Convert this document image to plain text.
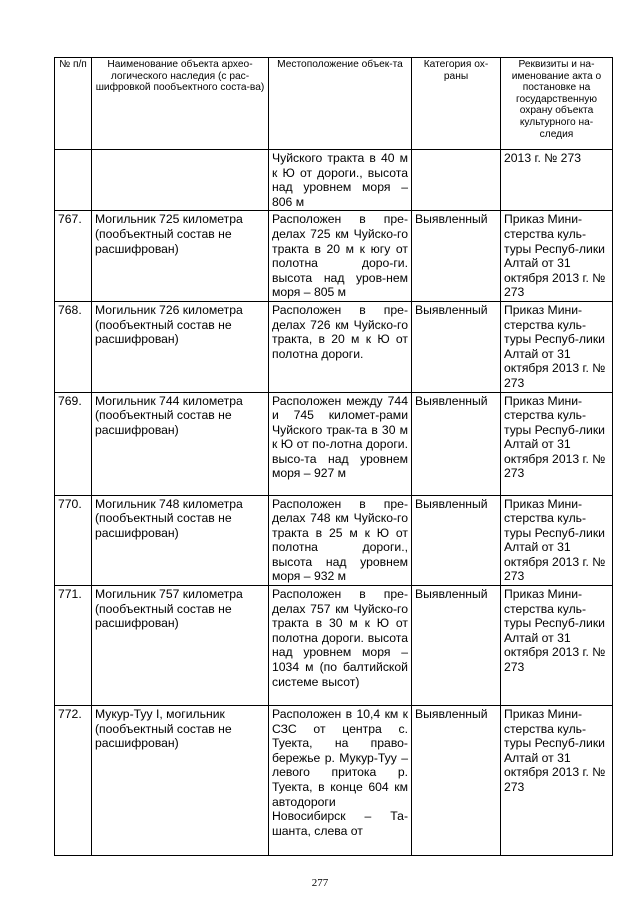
№ п/п	Наименование объекта архео-логического наследия (с рас-шифровкой пообъектного соста-ва)	Местоположение объек-та	Категория ох-раны	Реквизиты и на-именование акта о постановке на государственную охрану объекта культурного на-следия
		Чуйского тракта в 40 м к Ю от дороги., высота над уровнем моря – 806 м		2013 г. № 273
767.	Могильник 725 километра (пообъектный состав не расшифрован)	Расположен в пре-делах 725 км Чуйско-го тракта в 20 м к югу от полотна доро-ги. высота над уров-нем моря – 805 м	Выявленный	Приказ Мини-стерства куль-туры Респуб-лики Алтай от 31 октября 2013 г. № 273
768.	Могильник 726 километра (пообъектный состав не расшифрован)	Расположен в пре-делах 726 км Чуйско-го тракта, в 20 м к Ю от полотна дороги.	Выявленный	Приказ Мини-стерства куль-туры Респуб-лики Алтай от 31 октября 2013 г. № 273
769.	Могильник 744 километра (пообъектный состав не расшифрован)	Расположен между 744 и 745 километ-рами Чуйского трак-та в 30 м к Ю от по-лотна дороги. высо-та над уровнем моря – 927 м	Выявленный	Приказ Мини-стерства куль-туры Респуб-лики Алтай от 31 октября 2013 г. № 273
770.	Могильник 748 километра (пообъектный состав не расшифрован)	Расположен в пре-делах 748 км Чуйско-го тракта в 25 м к Ю от полотна дороги., высота над уровнем моря – 932 м	Выявленный	Приказ Мини-стерства куль-туры Респуб-лики Алтай от 31 октября 2013 г. № 273
771.	Могильник 757 километра (пообъектный состав не расшифрован)	Расположен в пре-делах 757 км Чуйско-го тракта в 30 м к Ю от полотна дороги. высота над уровнем моря – 1034 м (по балтийской системе высот)	Выявленный	Приказ Мини-стерства куль-туры Респуб-лики Алтай от 31 октября 2013 г. № 273
772.	Мукур-Туу I, могильник (пообъектный состав не расшифрован)	Расположен в 10,4 км к СЗС от центра с. Туекта, на право-бережье р. Мукур-Туу – левого притока р. Туекта, в конце 604 км автодороги Новосибирск – Та-шанта, слева от	Выявленный	Приказ Мини-стерства куль-туры Респуб-лики Алтай от 31 октября 2013 г. № 273
277
